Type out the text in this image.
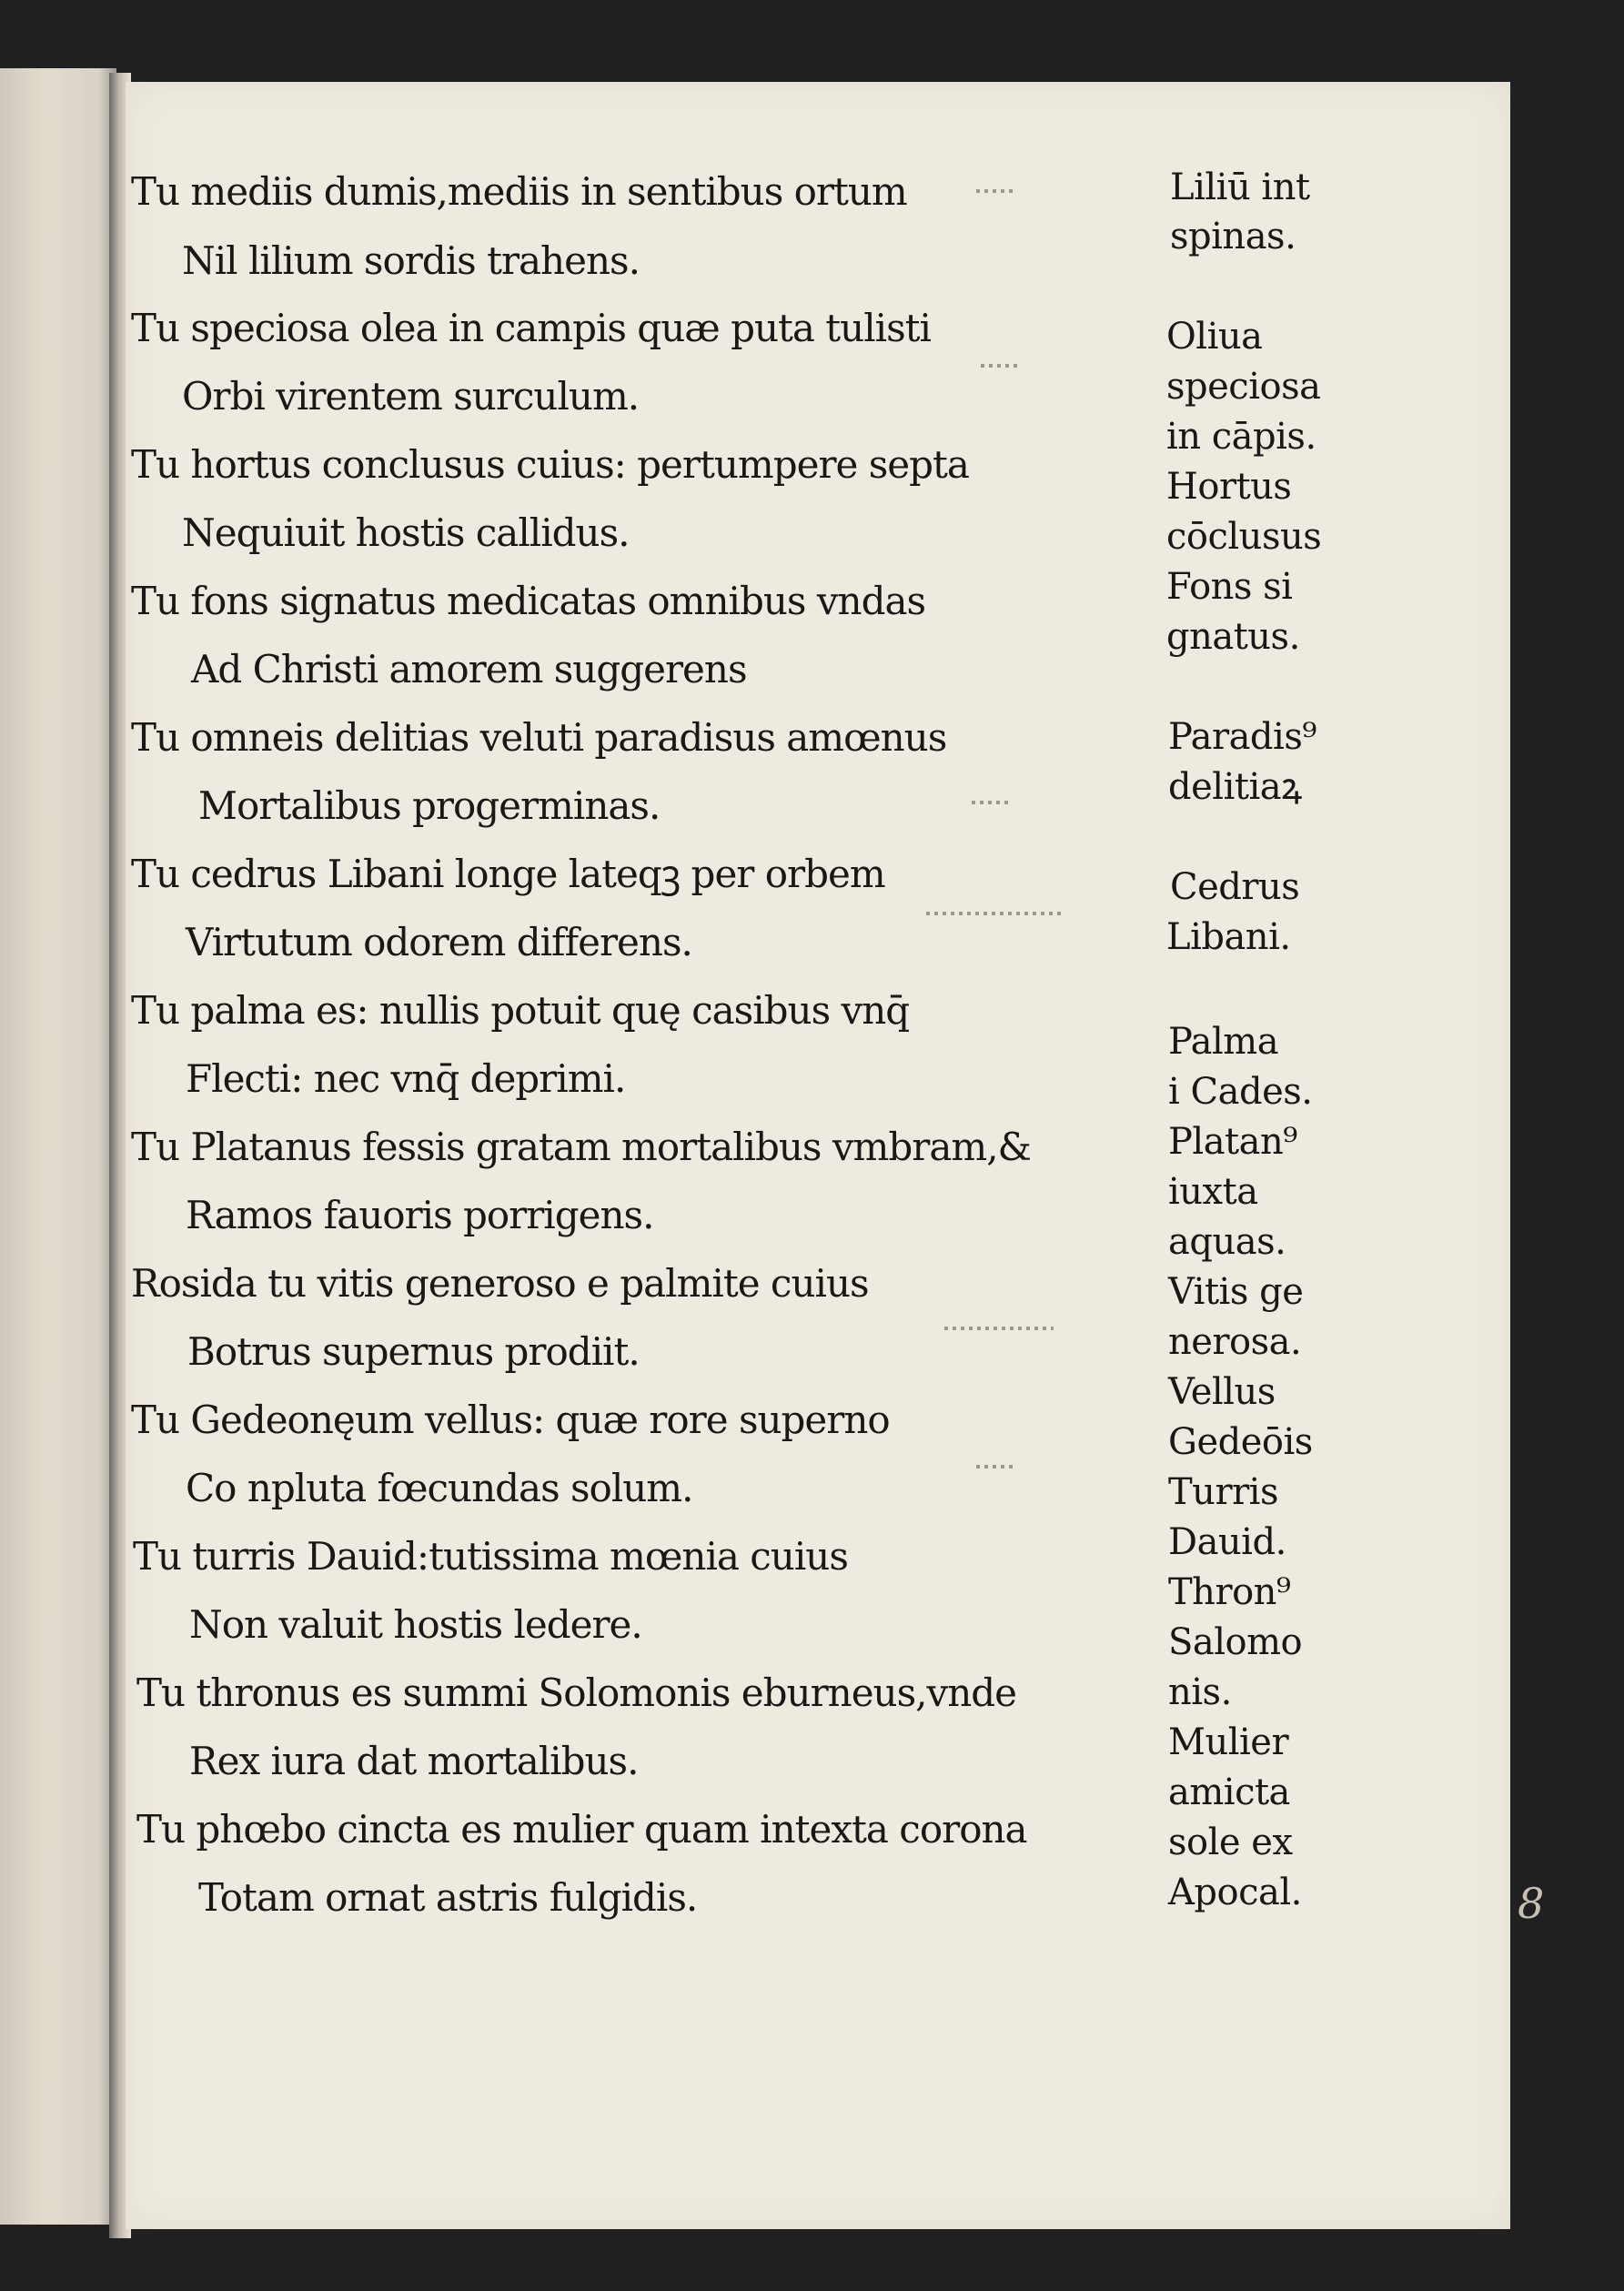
Tu mediis dumis,mediis in sentibus ortum
Nil lilium sordis trahens.
Tu speciosa olea in campis quæ puta tulisti
Orbi virentem surculum.
Tu hortus conclusus cuius: pertumpere septa
Nequiuit hostis callidus.
Tu fons signatus medicatas omnibus vndas
Ad Christi amorem suggerens
Tu omneis delitias veluti paradisus amœnus
Mortalibus progerminas.
Tu cedrus Libani longe lateqꝫ per orbem
Virtutum odorem differens.
Tu palma es: nullis potuit quę casibus vnq̄
Flecti: nec vnq̄ deprimi.
Tu Platanus fessis gratam mortalibus vmbram,&
Ramos fauoris porrigens.
Rosida tu vitis generoso e palmite cuius
Botrus supernus prodiit.
Tu Gedeonęum vellus: quæ rore superno
Co npluta fœcundas solum.
Tu turris Dauid:tutissima mœnia cuius
Non valuit hostis ledere.
Tu thronus es summi Solomonis eburneus,vnde
Rex iura dat mortalibus.
Tu phœbo cincta es mulier quam intexta corona
Totam ornat astris fulgidis.
Liliū int
spinas.
Oliua
speciosa
in cāpis.
Hortus
cōclusus
Fons si
gnatus.
Paradis⁹
delitiaꝝ
Cedrus
Libani.
Palma
i Cades.
Platan⁹
iuxta
aquas.
Vitis ge
nerosa.
Vellus
Gedeōis
Turris
Dauid.
Thron⁹
Salomo
nis.
Mulier
amicta
sole ex
Apocal.	8
